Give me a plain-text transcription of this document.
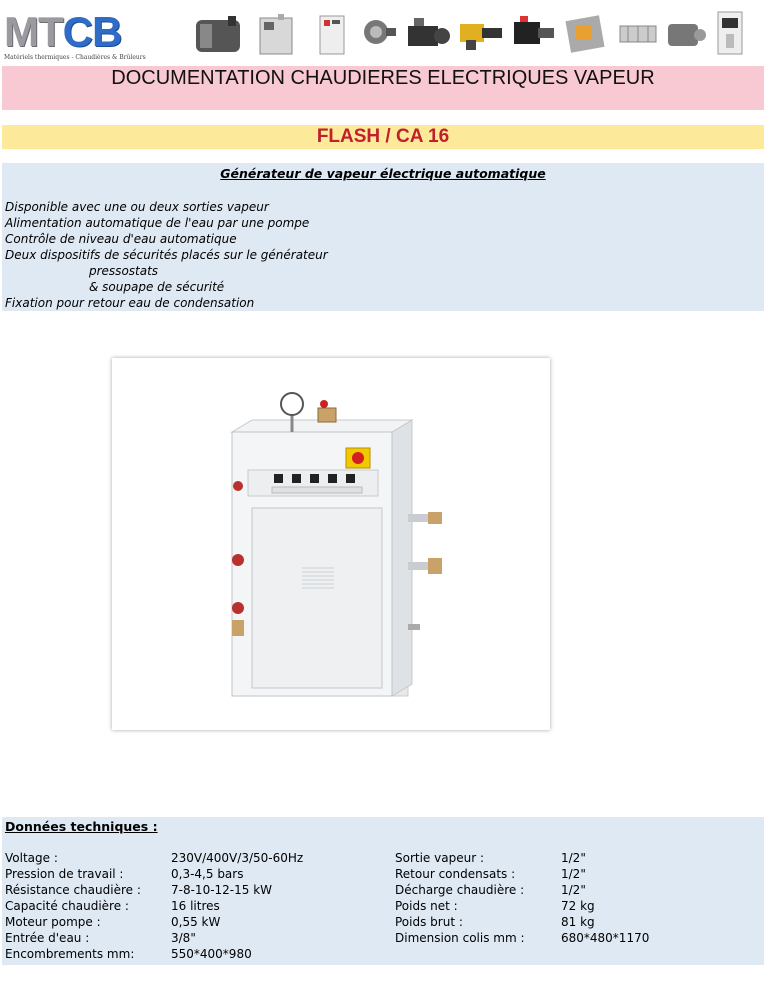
MTCB
Matériels thermiques - Chaudières & Brûleurs
DOCUMENTATION CHAUDIERES ELECTRIQUES VAPEUR
FLASH / CA 16
Générateur de vapeur électrique automatique
Disponible avec une ou deux sorties vapeur
Alimentation automatique de l'eau par une pompe
Contrôle de niveau d'eau automatique
Deux dispositifs de sécurités placés sur le générateur
pressostats
& soupape de sécurité
Fixation pour retour eau de condensation
Données techniques :
Voltage :
Pression de travail :
Résistance chaudière :
Capacité chaudière :
Moteur pompe :
Entrée d'eau :
Encombrements mm:
230V/400V/3/50-60Hz
0,3-4,5 bars
7-8-10-12-15 kW
16 litres
0,55 kW
3/8"
550*400*980
Sortie vapeur :
Retour condensats :
Décharge chaudière :
Poids net :
Poids brut :
Dimension colis mm :
1/2"
1/2"
1/2"
72 kg
81 kg
680*480*1170
